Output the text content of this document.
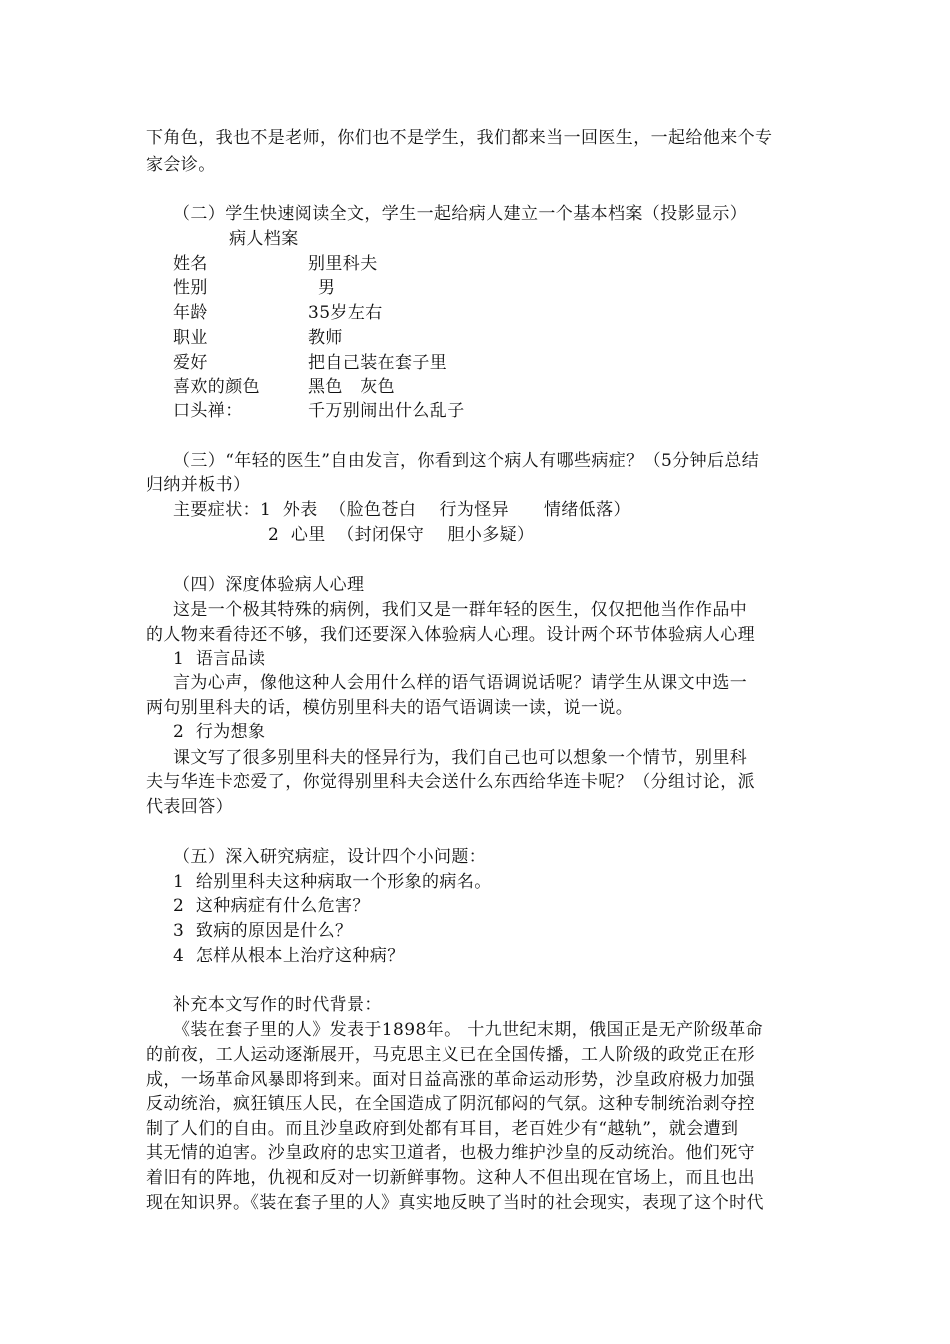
下角色，我也不是老师，你们也不是学生，我们都来当一回医生，一起给他来个专
家会诊。
（二）学生快速阅读全文，学生一起给病人建立一个基本档案（投影显示）
病人档案
姓名	别里科夫
性别	男
年龄	35岁左右
职业	教师
爱好	把自己装在套子里
喜欢的颜色	黑色　灰色
口头禅：	千万别闹出什么乱子
（三）“年轻的医生”自由发言，你看到这个病人有哪些病症？（5分钟后总结
归纳并板书）
主要症状：1  外表  （脸色苍白    行为怪异      情绪低落）
2  心里  （封闭保守    胆小多疑）
（四）深度体验病人心理
这是一个极其特殊的病例，我们又是一群年轻的医生，仅仅把他当作作品中
的人物来看待还不够，我们还要深入体验病人心理。设计两个环节体验病人心理
1  语言品读
言为心声，像他这种人会用什么样的语气语调说话呢？请学生从课文中选一
两句别里科夫的话，模仿别里科夫的语气语调读一读，说一说。
2  行为想象
课文写了很多别里科夫的怪异行为，我们自己也可以想象一个情节，别里科
夫与华连卡恋爱了，你觉得别里科夫会送什么东西给华连卡呢？（分组讨论，派
代表回答）
（五）深入研究病症，设计四个小问题：
1  给别里科夫这种病取一个形象的病名。
2  这种病症有什么危害？
3  致病的原因是什么？
4  怎样从根本上治疗这种病？
补充本文写作的时代背景：
《装在套子里的人》发表于1898年。 十九世纪末期，俄国正是无产阶级革命
的前夜，工人运动逐渐展开，马克思主义已在全国传播，工人阶级的政党正在形
成，一场革命风暴即将到来。面对日益高涨的革命运动形势，沙皇政府极力加强
反动统治，疯狂镇压人民，在全国造成了阴沉郁闷的气氛。这种专制统治剥夺控
制了人们的自由。而且沙皇政府到处都有耳目，老百姓少有“越轨”，就会遭到
其无情的迫害。沙皇政府的忠实卫道者，也极力维护沙皇的反动统治。他们死守
着旧有的阵地，仇视和反对一切新鲜事物。这种人不但出现在官场上，而且也出
现在知识界。《装在套子里的人》真实地反映了当时的社会现实，表现了这个时代
